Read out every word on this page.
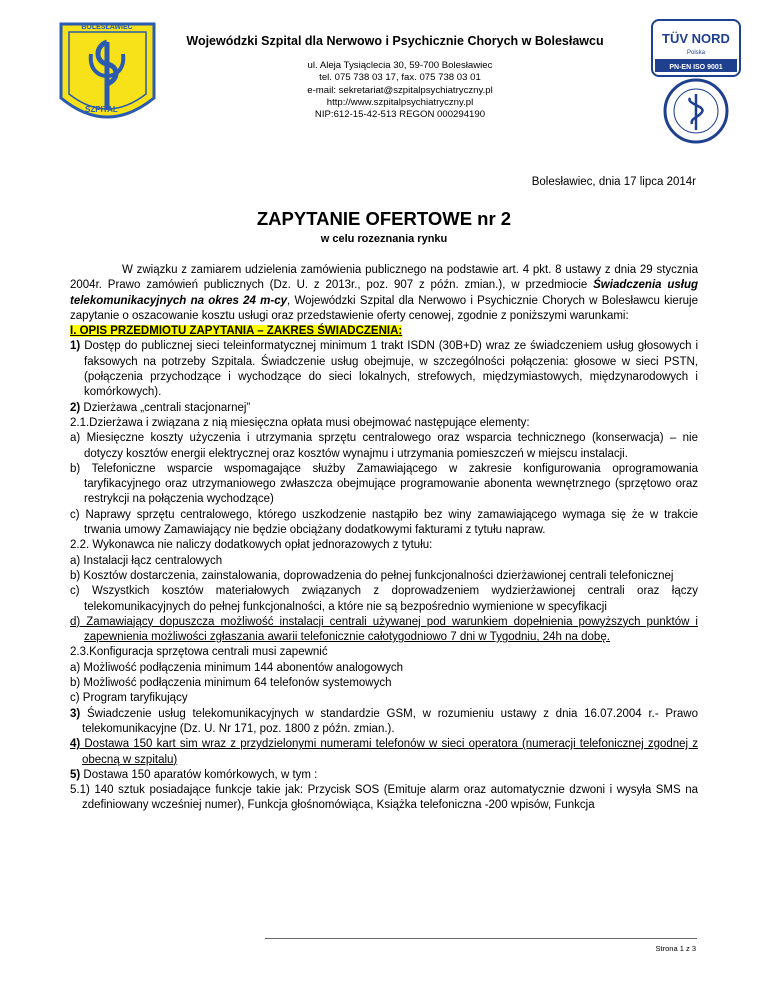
BOLESŁAWIEC
SZPITAL
Wojewódzki Szpital dla Nerwowo i Psychicznie Chorych w Bolesławcu
ul. Aleja Tysiąclecia 30, 59-700 Bolesławiec
tel. 075 738 03 17, fax. 075 738 03 01
e-mail: sekretariat@szpitalpsychiatryczny.pl
http://www.szpitalpsychiatryczny.pl
NIP:612-15-42-513 REGON 000294190
TÜV NORD
Polska
PN-EN ISO 9001
Bolesławiec, dnia 17 lipca 2014r
ZAPYTANIE OFERTOWE nr 2
w celu rozeznania rynku

W związku z zamiarem udzielenia zamówienia publicznego na podstawie art. 4 pkt. 8 ustawy z dnia 29 stycznia 2004r. Prawo zamówień publicznych (Dz. U. z 2013r., poz. 907 z późn. zmian.), w przedmiocie Świadczenia usług telekomunikacyjnych na okres 24 m-cy, Wojewódzki Szpital dla Nerwowo i Psychicznie Chorych w Bolesławcu kieruje zapytanie o oszacowanie kosztu usługi oraz przedstawienie oferty cenowej, zgodnie z poniższymi warunkami:

I. OPIS PRZEDMIOTU ZAPYTANIA – ZAKRES ŚWIADCZENIA:

1) Dostęp do publicznej sieci teleinformatycznej minimum 1 trakt ISDN (30B+D) wraz ze świadczeniem usług głosowych i faksowych na potrzeby Szpitala. Świadczenie usług obejmuje, w szczególności połączenia: głosowe w sieci PSTN, (połączenia przychodzące i wychodzące do sieci lokalnych, strefowych, międzymiastowych, międzynarodowych i komórkowych).

2) Dzierżawa „centrali stacjonarnej”

2.1.Dzierżawa i związana z nią miesięczna opłata musi obejmować następujące elementy:

a) Miesięczne koszty użyczenia i utrzymania sprzętu centralowego oraz wsparcia technicznego (konserwacja) – nie dotyczy kosztów energii elektrycznej oraz kosztów wynajmu i utrzymania pomieszczeń w miejscu instalacji.

b) Telefoniczne wsparcie wspomagające służby Zamawiającego w zakresie konfigurowania oprogramowania taryfikacyjnego oraz utrzymaniowego zwłaszcza obejmujące programowanie abonenta wewnętrznego (sprzętowo oraz restrykcji na połączenia wychodzące)

c) Naprawy sprzętu centralowego, którego uszkodzenie nastąpiło bez winy zamawiającego wymaga się że w trakcie trwania umowy Zamawiający nie będzie obciążany dodatkowymi fakturami z tytułu napraw.

2.2. Wykonawca nie naliczy dodatkowych opłat jednorazowych z tytułu:

a) Instalacji łącz centralowych

b) Kosztów dostarczenia, zainstalowania, doprowadzenia do pełnej funkcjonalności dzierżawionej centrali telefonicznej

c) Wszystkich kosztów materiałowych związanych z doprowadzeniem wydzierżawionej centrali oraz łączy telekomunikacyjnych do pełnej funkcjonalności, a które nie są bezpośrednio wymienione w specyfikacji

d) Zamawiający dopuszcza możliwość instalacji centrali używanej pod warunkiem dopełnienia powyższych punktów i zapewnienia możliwości zgłaszania awarii telefonicznie całotygodniowo 7 dni w Tygodniu, 24h na dobę.

2.3.Konfiguracja sprzętowa centrali musi zapewnić

a) Możliwość podłączenia minimum 144 abonentów analogowych

b) Możliwość podłączenia minimum 64 telefonów systemowych

c) Program taryfikujący

3) Świadczenie usług telekomunikacyjnych w standardzie GSM, w rozumieniu ustawy z dnia 16.07.2004 r.- Prawo telekomunikacyjne (Dz. U. Nr 171, poz. 1800 z późn. zmian.).

4) Dostawa 150 kart sim wraz z przydzielonymi numerami telefonów w sieci operatora (numeracji telefonicznej zgodnej z obecną w szpitalu)

5) Dostawa 150 aparatów komórkowych, w tym :

5.1) 140 sztuk posiadające funkcje takie jak: Przycisk SOS (Emituje alarm oraz automatycznie dzwoni i wysyła SMS na zdefiniowany wcześniej numer), Funkcja głośnomówiąca, Książka telefoniczna -200 wpisów, Funkcja

Strona 1 z 3
